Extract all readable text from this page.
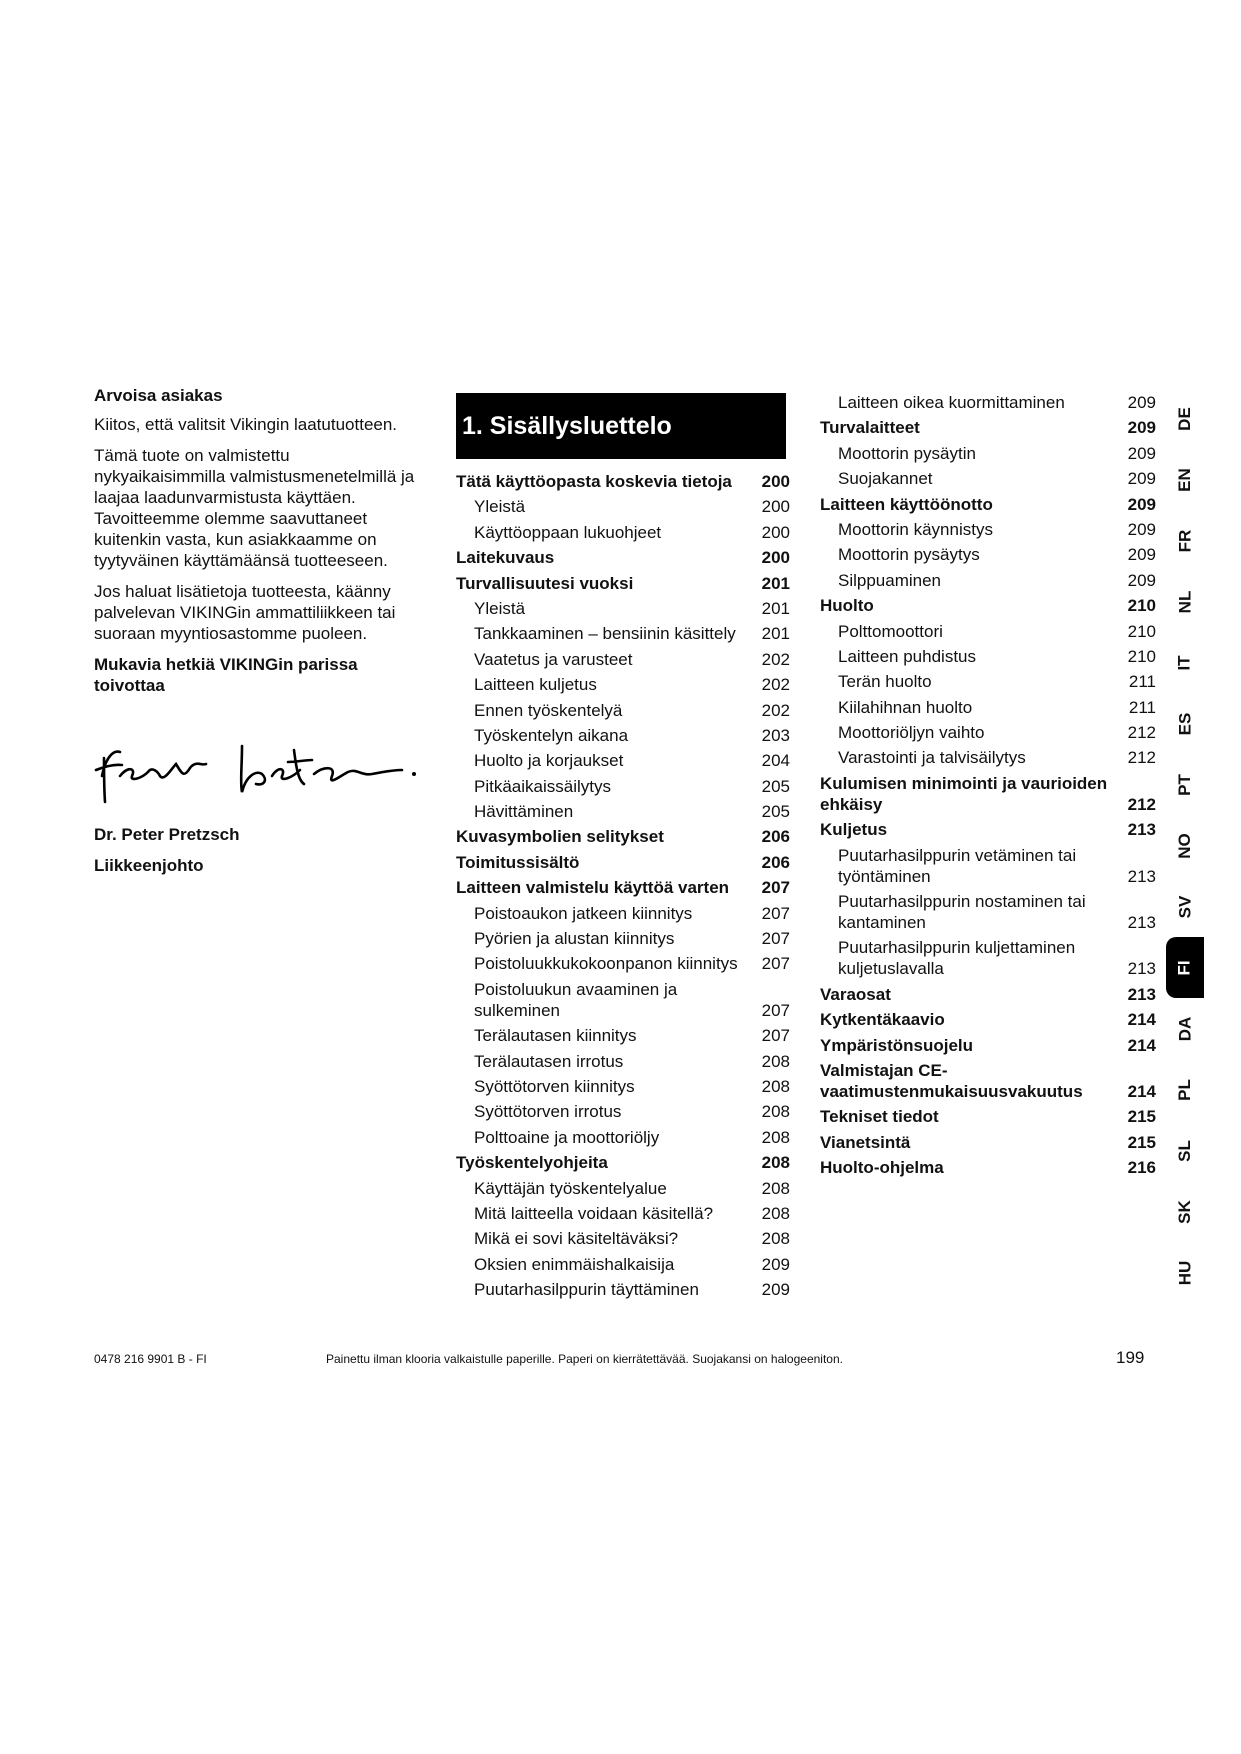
Arvoisa asiakas

Kiitos, että valitsit Vikingin laatutuotteen.

Tämä tuote on valmistettu nykyaikaisimmilla valmistusmenetelmillä ja laajaa laadunvarmistusta käyttäen. Tavoitteemme olemme saavuttaneet kuitenkin vasta, kun asiakkaamme on tyytyväinen käyttämäänsä tuotteeseen.

Jos haluat lisätietoja tuotteesta, käänny palvelevan VIKINGin ammattiliikkeen tai suoraan myyntiosastomme puoleen.

Mukavia hetkiä VIKINGin parissa toivottaa

Dr. Peter Pretzsch

Liikkeenjohto

1. Sisällysluettelo
Tätä käyttöopasta koskevia tietoja	200
Yleistä	200
Käyttöoppaan lukuohjeet	200
Laitekuvaus	200
Turvallisuutesi vuoksi	201
Yleistä	201
Tankkaaminen – bensiinin käsittely	201
Vaatetus ja varusteet	202
Laitteen kuljetus	202
Ennen työskentelyä	202
Työskentelyn aikana	203
Huolto ja korjaukset	204
Pitkäaikaissäilytys	205
Hävittäminen	205
Kuvasymbolien selitykset	206
Toimitussisältö	206
Laitteen valmistelu käyttöä varten	207
Poistoaukon jatkeen kiinnitys	207
Pyörien ja alustan kiinnitys	207
Poistoluukkukokoonpanon kiinnitys	207
Poistoluukun avaaminen ja sulkeminen	207
Terälautasen kiinnitys	207
Terälautasen irrotus	208
Syöttötorven kiinnitys	208
Syöttötorven irrotus	208
Polttoaine ja moottoriöljy	208
Työskentelyohjeita	208
Käyttäjän työskentelyalue	208
Mitä laitteella voidaan käsitellä?	208
Mikä ei sovi käsiteltäväksi?	208
Oksien enimmäishalkaisija	209
Puutarhasilppurin täyttäminen	209
Laitteen oikea kuormittaminen	209
Turvalaitteet	209
Moottorin pysäytin	209
Suojakannet	209
Laitteen käyttöönotto	209
Moottorin käynnistys	209
Moottorin pysäytys	209
Silppuaminen	209
Huolto	210
Polttomoottori	210
Laitteen puhdistus	210
Terän huolto	211
Kiilahihnan huolto	211
Moottoriöljyn vaihto	212
Varastointi ja talvisäilytys	212
Kulumisen minimointi ja vaurioiden ehkäisy	212
Kuljetus	213
Puutarhasilppurin vetäminen tai työntäminen	213
Puutarhasilppurin nostaminen tai kantaminen	213
Puutarhasilppurin kuljettaminen kuljetuslavalla	213
Varaosat	213
Kytkentäkaavio	214
Ympäristönsuojelu	214
Valmistajan CE-vaatimustenmukaisuusvakuutus	214
Tekniset tiedot	215
Vianetsintä	215
Huolto-ohjelma	216
DE
EN
FR
NL
IT
ES
PT
NO
SV
FI
DA
PL
SL
SK
HU
0478 216 9901 B - FI	Painettu ilman klooria valkaistulle paperille. Paperi on kierrätettävää. Suojakansi on halogeeniton.	199
